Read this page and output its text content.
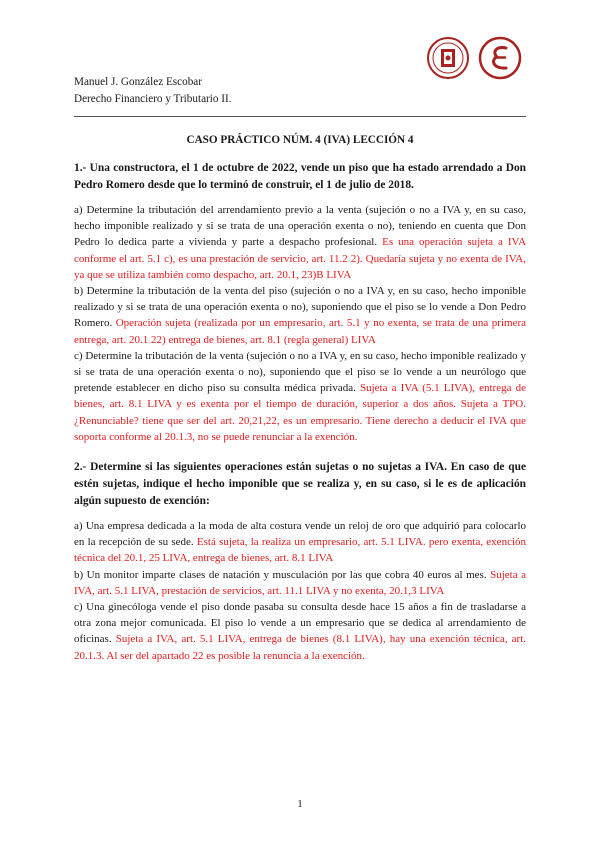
Manuel J. González Escobar
Derecho Financiero y Tributario II.
CASO PRÁCTICO NÚM. 4 (IVA) LECCIÓN 4

1.- Una constructora, el 1 de octubre de 2022, vende un piso que ha estado arrendado a Don Pedro Romero desde que lo terminó de construir, el 1 de julio de 2018.

a) Determine la tributación del arrendamiento previo a la venta (sujeción o no a IVA y, en su caso, hecho imponible realizado y si se trata de una operación exenta o no), teniendo en cuenta que Don Pedro lo dedica parte a vivienda y parte a despacho profesional. Es una operación sujeta a IVA conforme el art. 5.1 c), es una prestación de servicio, art. 11.2 2). Quedaría sujeta y no exenta de IVA, ya que se utiliza también como despacho, art. 20.1, 23)B LIVA

b) Determine la tributación de la venta del piso (sujeción o no a IVA y, en su caso, hecho imponible realizado y si se trata de una operación exenta o no), suponiendo que el piso se lo vende a Don Pedro Romero. Operación sujeta (realizada por un empresario, art. 5.1 y no exenta, se trata de una primera entrega, art. 20.1 22) entrega de bienes, art. 8.1 (regla general) LIVA

c) Determine la tributación de la venta (sujeción o no a IVA y, en su caso, hecho imponible realizado y si se trata de una operación exenta o no), suponiendo que el piso se lo vende a un neurólogo que pretende establecer en dicho piso su consulta médica privada. Sujeta a IVA (5.1 LIVA), entrega de bienes, art. 8.1 LIVA y es exenta por el tiempo de duración, superior a dos años. Sujeta a TPO. ¿Renunciable? tiene que ser del art. 20,21,22, es un empresario. Tiene derecho a deducir el IVA que soporta conforme al 20.1.3, no se puede renunciar a la exención.

2.- Determine si las siguientes operaciones están sujetas o no sujetas a IVA. En caso de que estén sujetas, indique el hecho imponible que se realiza y, en su caso, si le es de aplicación algún supuesto de exención:

a) Una empresa dedicada a la moda de alta costura vende un reloj de oro que adquirió para colocarlo en la recepción de su sede. Está sujeta, la realiza un empresario, art. 5.1 LIVA. pero exenta, exención técnica del 20.1, 25 LIVA, entrega de bienes, art. 8.1 LIVA

b) Un monitor imparte clases de natación y musculación por las que cobra 40 euros al mes. Sujeta a IVA, art. 5.1 LIVA, prestación de servicios, art. 11.1 LIVA y no exenta, 20.1,3 LIVA

c) Una ginecóloga vende el piso donde pasaba su consulta desde hace 15 años a fin de trasladarse a otra zona mejor comunicada. El piso lo vende a un empresario que se dedica al arrendamiento de oficinas. Sujeta a IVA, art. 5.1 LIVA, entrega de bienes (8.1 LIVA), hay una exención técnica, art. 20.1.3. Al ser del apartado 22 es posible la renuncia a la exención.

1
